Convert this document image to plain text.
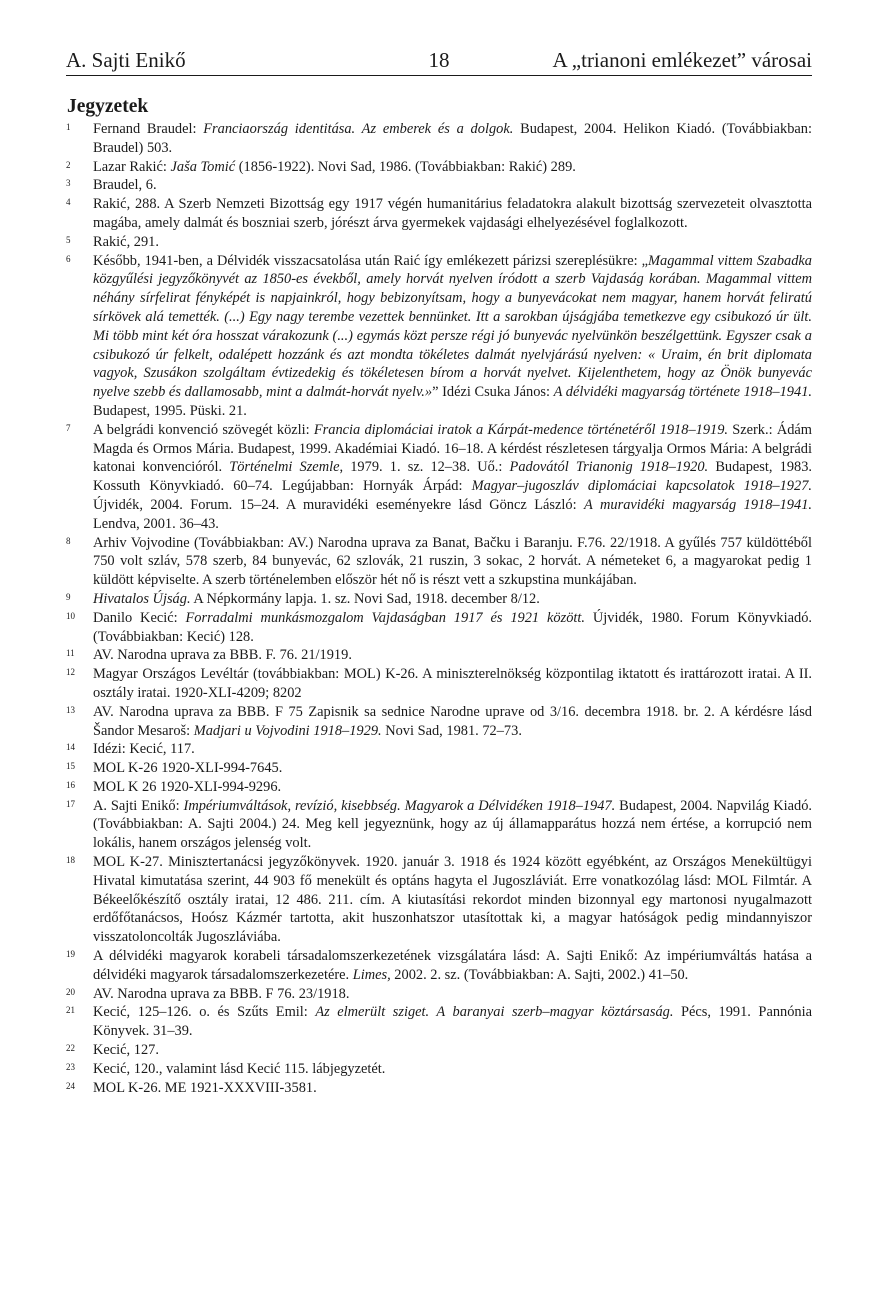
A. Sajti Enikő	18	A „trianoni emlékezet” városai
Jegyzetek
1 Fernand Braudel: Franciaország identitása. Az emberek és a dolgok. Budapest, 2004. Helikon Kiadó. (Továbbiakban: Braudel) 503.
2 Lazar Rakić: Jaša Tomić (1856-1922). Novi Sad, 1986. (Továbbiakban: Rakić) 289.
3 Braudel, 6.
4 Rakić, 288. A Szerb Nemzeti Bizottság egy 1917 végén humanitárius feladatokra alakult bizottság szervezeteit olvasztotta magába, amely dalmát és boszniai szerb, jórészt árva gyermekek vajdasági elhelyezésével foglalkozott.
5 Rakić, 291.
6 Később, 1941-ben, a Délvidék visszacsatolása után Raić így emlékezett párizsi szereplésükre: „Magammal vittem Szabadka közgyűlési jegyzőkönyvét az 1850-es évekből, amely horvát nyelven íródott a szerb Vajdaság korában. Magammal vittem néhány sírfelirat fényképét is napjainkról, hogy bebizonyítsam, hogy a bunyevácokat nem magyar, hanem horvát feliratú sírkövek alá temették. (...) Egy nagy terembe vezettek bennünket. Itt a sarokban újságjába temetkezve egy csibukozó úr ült. Mi több mint két óra hosszat várakozunk (...) egymás közt persze régi jó bunyevác nyelvünkön beszélgettünk. Egyszer csak a csibukozó úr felkelt, odalépett hozzánk és azt mondta tökéletes dalmát nyelvjárású nyelven: « Uraim, én brit diplomata vagyok, Szusákon szolgáltam évtizedekig és tökéletesen bírom a horvát nyelvet. Kijelenthetem, hogy az Önök bunyevác nyelve szebb és dallamosabb, mint a dalmát-horvát nyelv.»” Idézi Csuka János: A délvidéki magyarság története 1918–1941. Budapest, 1995. Püski. 21.
7 A belgrádi konvenció szövegét közli: Francia diplomáciai iratok a Kárpát-medence történetéről 1918–1919. Szerk.: Ádám Magda és Ormos Mária. Budapest, 1999. Akadémiai Kiadó. 16–18. A kérdést részletesen tárgyalja Ormos Mária: A belgrádi katonai konvencióról. Történelmi Szemle, 1979. 1. sz. 12–38. Uő.: Padovától Trianonig 1918–1920. Budapest, 1983. Kossuth Könyvkiadó. 60–74. Legújabban: Hornyák Árpád: Magyar–jugoszláv diplomáciai kapcsolatok 1918–1927. Újvidék, 2004. Forum. 15–24. A muravidéki eseményekre lásd Göncz László: A muravidéki magyarság 1918–1941. Lendva, 2001. 36–43.
8 Arhiv Vojvodine (Továbbiakban: AV.) Narodna uprava za Banat, Bačku i Baranju. F.76. 22/1918. A gyűlés 757 küldöttéből 750 volt szláv, 578 szerb, 84 bunyevác, 62 szlovák, 21 ruszin, 3 sokac, 2 horvát. A németeket 6, a magyarokat pedig 1 küldött képviselte. A szerb történelemben először hét nő is részt vett a szkupstina munkájában.
9 Hivatalos Újság. A Népkormány lapja. 1. sz. Novi Sad, 1918. december 8/12.
10 Danilo Kecić: Forradalmi munkásmozgalom Vajdaságban 1917 és 1921 között. Újvidék, 1980. Forum Könyvkiadó. (Továbbiakban: Kecić) 128.
11 AV. Narodna uprava za BBB. F. 76. 21/1919.
12 Magyar Országos Levéltár (továbbiakban: MOL) K-26. A miniszterelnökség központilag iktatott és irattározott iratai. A II. osztály iratai. 1920-XLI-4209; 8202
13 AV. Narodna uprava za BBB. F 75 Zapisnik sa sednice Narodne uprave od 3/16. decembra 1918. br. 2. A kérdésre lásd Šandor Mesaroš: Madjari u Vojvodini 1918–1929. Novi Sad, 1981. 72–73.
14 Idézi: Kecić, 117.
15 MOL K-26 1920-XLI-994-7645.
16 MOL K 26 1920-XLI-994-9296.
17 A. Sajti Enikő: Impériumváltások, revízió, kisebbség. Magyarok a Délvidéken 1918–1947. Budapest, 2004. Napvilág Kiadó. (Továbbiakban: A. Sajti 2004.) 24. Meg kell jegyeznünk, hogy az új államapparátus hozzá nem értése, a korrupció nem lokális, hanem országos jelenség volt.
18 MOL K-27. Minisztertanácsi jegyzőkönyvek. 1920. január 3. 1918 és 1924 között egyébként, az Országos Menekültügyi Hivatal kimutatása szerint, 44 903 fő menekült és optáns hagyta el Jugoszláviát. Erre vonatkozólag lásd: MOL Filmtár. A Békeelőkészítő osztály iratai, 12 486. 211. cím. A kiutasítási rekordot minden bizonnyal egy martonosi nyugalmazott erdőfőtanácsos, Hoósz Kázmér tartotta, akit huszonhatszor utasítottak ki, a magyar hatóságok pedig mindannyiszor visszatoloncolták Jugoszláviába.
19 A délvidéki magyarok korabeli társadalomszerkezetének vizsgálatára lásd: A. Sajti Enikő: Az impériumváltás hatása a délvidéki magyarok társadalomszerkezetére. Limes, 2002. 2. sz. (Továbbiakban: A. Sajti, 2002.) 41–50.
20 AV. Narodna uprava za BBB. F 76. 23/1918.
21 Kecić, 125–126. o. és Szűts Emil: Az elmerült sziget. A baranyai szerb–magyar köztársaság. Pécs, 1991. Pannónia Könyvek. 31–39.
22 Kecić, 127.
23 Kecić, 120., valamint lásd Kecić 115. lábjegyzetét.
24 MOL K-26. ME 1921-XXXVIII-3581.
